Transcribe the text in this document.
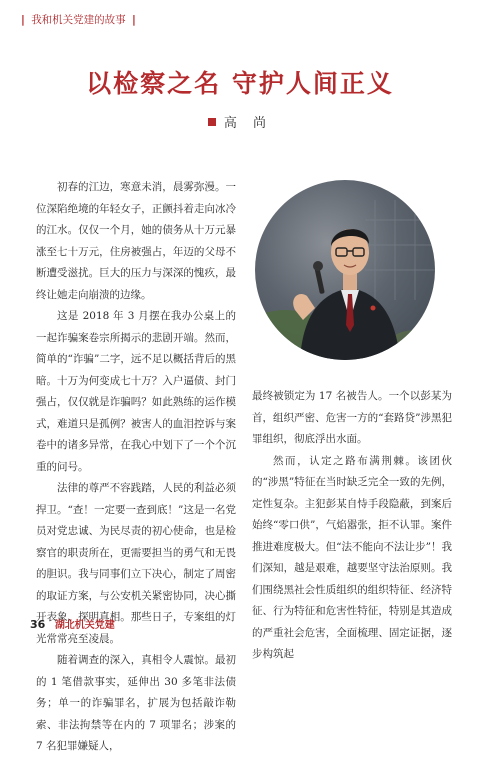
| 我和机关党建的故事 |
以检察之名 守护人间正义
高 尚

初春的江边，寒意未消，晨雾弥漫。一位深陷绝境的年轻女子，正颤抖着走向冰冷的江水。仅仅一个月，她的债务从十万元暴涨至七十万元，住房被强占，年迈的父母不断遭受滋扰。巨大的压力与深深的愧疚，最终让她走向崩溃的边缘。

这是 2018 年 3 月摆在我办公桌上的一起诈骗案卷宗所揭示的悲剧开端。然而，简单的“诈骗”二字，远不足以概括背后的黑暗。十万为何变成七十万？入户逼债、封门强占，仅仅就是诈骗吗？如此熟练的运作模式，难道只是孤例？被害人的血泪控诉与案卷中的诸多异常，在我心中划下了一个个沉重的问号。

法律的尊严不容践踏，人民的利益必须捍卫。“查！一定要一查到底！”这是一名党员对党忠诚、为民尽责的初心使命，也是检察官的职责所在，更需要担当的勇气和无畏的胆识。我与同事们立下决心，制定了周密的取证方案，与公安机关紧密协同，决心撕开表象、探明真相。那些日子，专案组的灯光常常亮至凌晨。

随着调查的深入，真相令人震惊。最初的 1 笔借款事实，延伸出 30 多笔非法债务；单一的诈骗罪名，扩展为包括敲诈勒索、非法拘禁等在内的 7 项罪名；涉案的 7 名犯罪嫌疑人，

最终被锁定为 17 名被告人。一个以彭某为首，组织严密、危害一方的“套路贷”涉黑犯罪组织，彻底浮出水面。

然而，认定之路布满荆棘。该团伙的“涉黑”特征在当时缺乏完全一致的先例，定性复杂。主犯彭某自恃手段隐蔽，到案后始终“零口供”，气焰嚣张，拒不认罪。案件推进难度极大。但“法不能向不法让步”！我们深知，越是艰难，越要坚守法治原则。我们围绕黑社会性质组织的组织特征、经济特征、行为特征和危害性特征，特别是其造成的严重社会危害，全面梳理、固定证据，逐步构筑起

36 湖北机关党建
